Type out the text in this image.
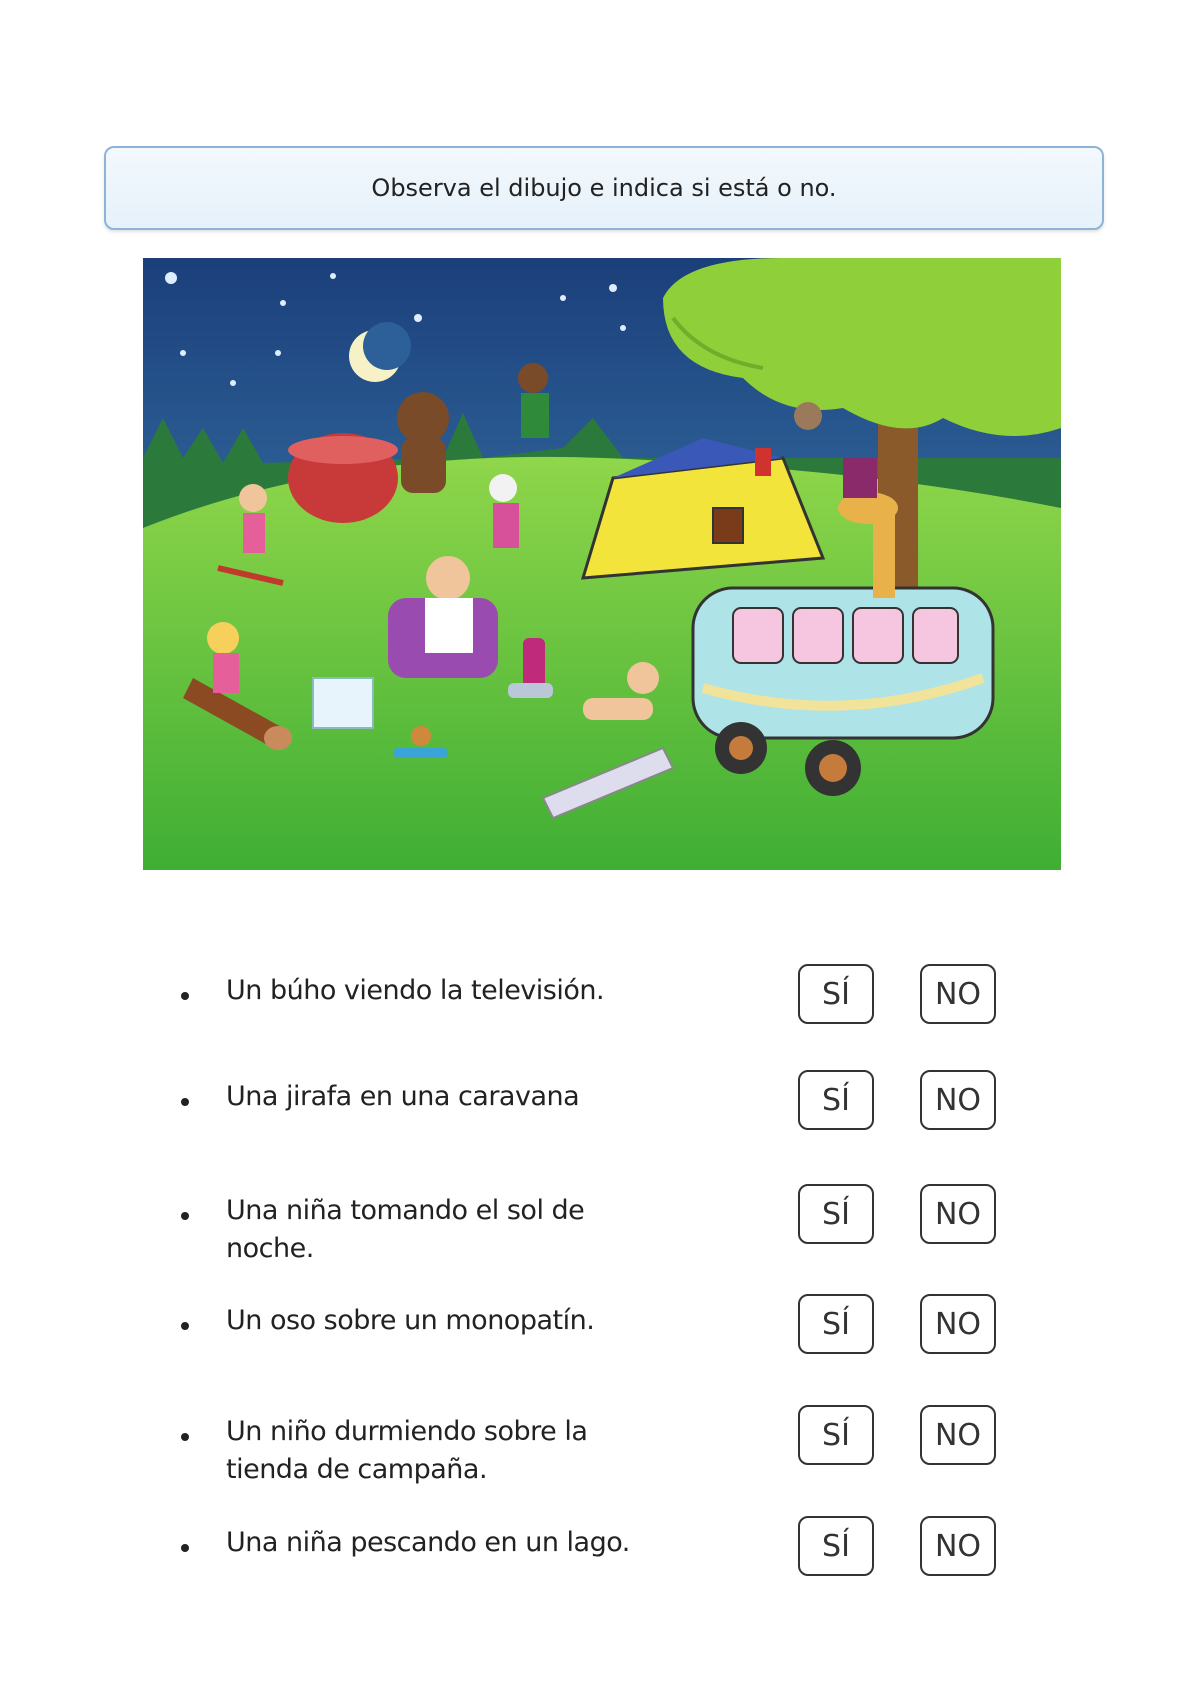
Observa el dibujo e indica si está o no.
Un búho viendo la televisión.	SÍ	NO
Una jirafa en una caravana	SÍ	NO
Una niña tomando el sol de noche.
SÍ	NO
Un oso sobre un monopatín.	SÍ	NO
Un niño durmiendo sobre la tienda de campaña.
SÍ	NO
Una niña pescando en un lago.	SÍ	NO
